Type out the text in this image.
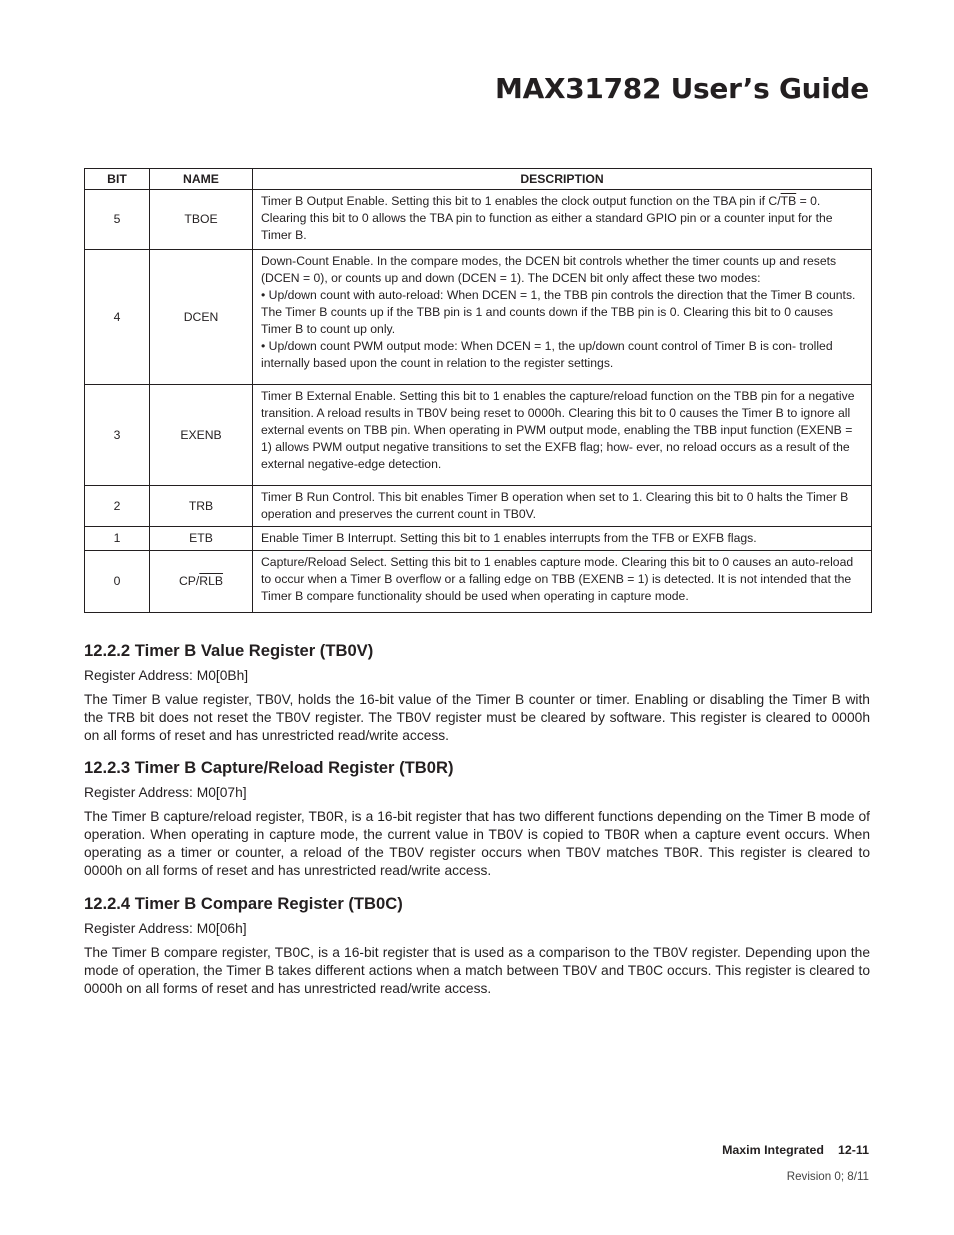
MAX31782 User’s Guide
BIT	NAME	DESCRIPTION
5	TBOE	Timer B Output Enable. Setting this bit to 1 enables the clock output function on the TBA pin if $C/\overline{TB} = 0$. Clearing this bit to 0 allows the TBA pin to function as either a standard GPIO pin or a counter input for the Timer B.
4	DCEN	Down-Count Enable. In the compare modes, the DCEN bit controls whether the timer counts up and resets (DCEN = 0), or counts up and down (DCEN = 1). The DCEN bit only affect these two modes:
• Up/down count with auto-reload: When DCEN = 1, the TBB pin controls the direction that the Timer B counts. The Timer B counts up if the TBB pin is 1 and counts down if the TBB pin is 0. Clearing this bit to 0 causes Timer B to count up only.
• Up/down count PWM output mode: When DCEN = 1, the up/down count control of Timer B is con- trolled internally based upon the count in relation to the register settings.

3	EXENB	Timer B External Enable. Setting this bit to 1 enables the capture/reload function on the TBB pin for a negative transition. A reload results in TB0V being reset to 0000h. Clearing this bit to 0 causes the Timer B to ignore all external events on TBB pin. When operating in PWM output mode, enabling the TBB input function (EXENB = 1) allows PWM output negative transitions to set the EXFB flag; how- ever, no reload occurs as a result of the external negative-edge detection.
2	TRB	Timer B Run Control. This bit enables Timer B operation when set to 1. Clearing this bit to 0 halts the Timer B operation and preserves the current count in TB0V.
1	ETB	Enable Timer B Interrupt. Setting this bit to 1 enables interrupts from the TFB or EXFB flags.
0	$CP/\overline{RLB}$	Capture/Reload Select. Setting this bit to 1 enables capture mode. Clearing this bit to 0 causes an auto-reload to occur when a Timer B overflow or a falling edge on TBB (EXENB = 1) is detected. It is not intended that the Timer B compare functionality should be used when operating in capture mode.
12.2.2 Timer B Value Register (TB0V)

Register Address: M0[0Bh]

The Timer B value register, TB0V, holds the 16-bit value of the Timer B counter or timer. Enabling or disabling the Timer B with the TRB bit does not reset the TB0V register. The TB0V register must be cleared by software. This register is cleared to 0000h on all forms of reset and has unrestricted read/write access.

12.2.3 Timer B Capture/Reload Register (TB0R)

Register Address: M0[07h]

The Timer B capture/reload register, TB0R, is a 16-bit register that has two different functions depending on the Timer B mode of operation. When operating in capture mode, the current value in TB0V is copied to TB0R when a capture event occurs. When operating as a timer or counter, a reload of the TB0V register occurs when TB0V matches TB0R. This register is cleared to 0000h on all forms of reset and has unrestricted read/write access.

12.2.4 Timer B Compare Register (TB0C)

Register Address: M0[06h]

The Timer B compare register, TB0C, is a 16-bit register that is used as a comparison to the TB0V register. Depending upon the mode of operation, the Timer B takes different actions when a match between TB0V and TB0C occurs. This register is cleared to 0000h on all forms of reset and has unrestricted read/write access.

Maxim Integrated 12-11
Revision 0; 8/11
